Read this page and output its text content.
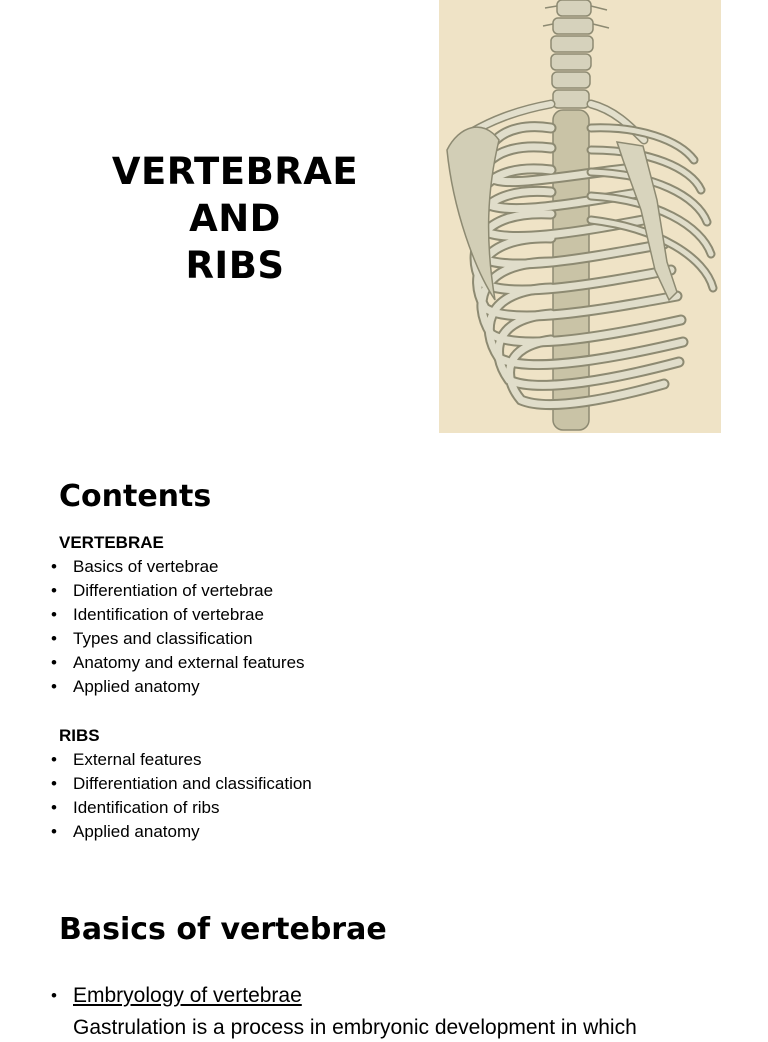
VERTEBRAE
AND
RIBS
Contents
VERTEBRAE
• Basics of vertebrae
• Differentiation of vertebrae
• Identification of vertebrae
• Types and classification
• Anatomy and external features
• Applied anatomy
RIBS
• External features
• Differentiation and classification
• Identification of ribs
• Applied anatomy
Basics of vertebrae
• Embryology of vertebrae
Gastrulation is a process in embryonic development in which
